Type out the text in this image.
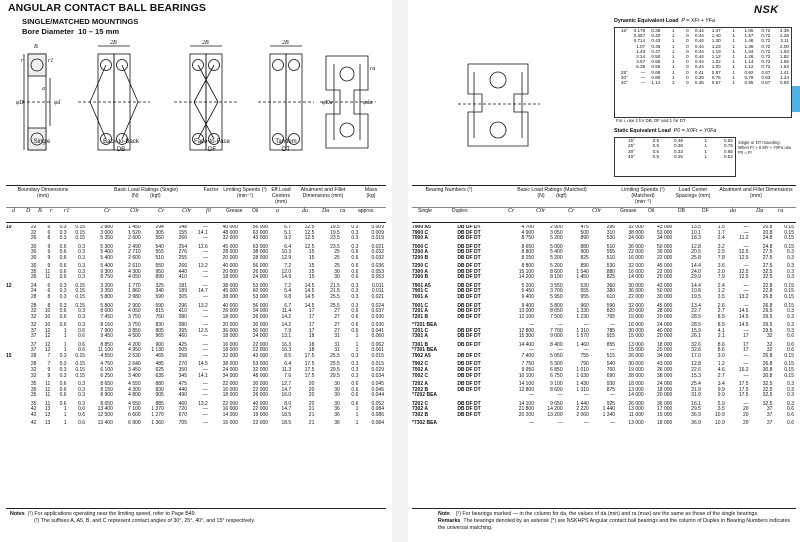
ANGULAR CONTACT BALL BEARINGS
SINGLE/MATCHED MOUNTINGS
Bore Diameter 10 – 15 mm
φD	φd
B
2B	2B	2B
φDa	φda
r	r1
ra
a
Single	Back-to-Back
DB
Face-to-Face
DF
Tandem
DT
Boundary Dimensions
(mm)
Basic Load Ratings (Single)
(N) (kgf)
Factor Limiting Speeds (¹)
(min⁻¹)
Eff.Load Centers
(mm)
Abutment and Fillet Dimensions (mm)
Mass
(kg)
d D B r r1	Cr	C0r	Cr	C0r f0	Grease Oil	a	da Da ra	approx.
10	22	6	0.3	0.15	2 880	1 450	294	148	—	40 000	56 000	6.7	12.5	19.5	0.3	0.009
	22	6	0.3	0.15	3 000	1 520	305	155	14.1	48 000	63 000	5.1	12.5	19.5	0.3	0.009
	26	8	0.3	0.15	5 350	2 600	550	266	—	32 000	43 000	9.2	12.5	23.5	0.3	0.019

	30	9	0.6	0.3	5 300	2 490	540	254	12.6	45 000	63 000	6.4	12.5	23.5	0.3	0.021
	30	9	0.6	0.3	5 400	2 710	555	276	—	28 000	38 000	10.3	15	25	0.6	0.032
	30	9	0.6	0.3	5 400	2 600	510	255	—	20 000	28 000	12.9	15	25	0.6	0.032

	30	9	0.6	0.3	5 400	2 610	550	266	13.2	40 000	56 000	7.2	15	25	0.6	0.036
	35	11	0.6	0.3	9 300	4 300	950	440	—	20 000	26 000	12.0	15	30	0.6	0.053
	35	11	0.6	0.3	8 750	4 050	890	410	—	18 000	24 000	14.9	15	30	0.6	0.053

12	24	6	0.3	0.15	3 200	1 770	325	181	—	38 000	53 000	7.2	14.5	21.5	0.3	0.011
	24	6	0.3	0.15	3 350	1 860	340	189	14.7	45 000	60 000	5.4	14.5	21.5	0.3	0.011
	28	8	0.3	0.15	5 800	2 980	590	305	—	38 000	53 000	9.8	14.5	25.5	0.3	0.021

	28	8	0.3	0.15	5 800	2 900	590	296	13.2	40 000	56 000	6.7	14.5	25.5	0.3	0.024
	32	10	0.6	0.3	8 000	4 050	815	410	—	26 000	34 000	11.4	17	27	0.6	0.037
	32	10	0.6	0.3	7 450	3 750	760	380	—	18 000	26 000	14.2	17	27	0.6	0.036

	32	10	0.6	0.3	8 150	3 750	830	380	—	20 000	30 000	14.2	17	27	0.6	0.036
	37	12	1	0.6	7 900	3 850	805	395	12.5	36 000	50 000	7.9	17	27	0.6	0.041
	37	12	1	0.6	9 450	4 500	965	460	—	18 000	24 000	13.1	18	31	1	0.060

	37	12	1	0.6	8 850	4 200	900	425	—	16 000	22 000	16.3	18	31	1	0.062
	37	12	1	0.6	11 100	4 950	1 130	505	—	18 000	22 000	16.3	18	31	1	0.061
15	28	7	0.3	0.15	4 550	2 530	465	258	—	32 000	43 000	8.5	17.5	25.5	0.3	0.015

	28	7	0.3	0.15	4 750	2 640	485	270	14.5	38 000	53 000	6.4	17.5	25.5	0.3	0.015
	32	9	0.3	0.15	6 100	3 450	625	350	—	24 000	32 000	11.3	17.5	29.5	0.3	0.029
	32	9	0.3	0.15	6 250	3 400	635	345	14.1	34 000	48 000	7.6	17.5	29.5	0.3	0.034

	35	11	0.6	0.3	8 650	4 550	880	475	—	22 000	30 000	12.7	20	30	0.6	0.045
	35	11	0.6	0.3	8 150	4 300	830	440	—	16 000	22 000	14.7	20	30	0.6	0.045
	35	11	0.6	0.3	8 900	4 800	905	490	—	18 000	26 000	16.0	20	30	0.6	0.044

	35	11	0.6	0.3	8 650	4 550	885	460	13.2	22 000	40 000	8.0	20	30	0.6	0.052
	42	13	1	0.6	13 400	7 100	1 370	720	—	16 000	22 000	14.7	21	36	1	0.084
	42	13	1	0.6	12 500	6 600	1 270	670	—	14 000	19 000	18.5	21	36	1	0.086

	42	13	1	0.6	13 400	6 900	1 360	705	—	16 000	22 000	18.5	21	36	1	0.084
Notes (¹) For applications operating near the limiting speed, refer to Page B49.
(²) The suffixes A, A5, B, and C represent contact angles of 30°, 25°, 40°, and 15° respectively.
NSK
Dynamic Equivalent Load P = XFr + YFa
15°	0.178	0.38	1	0	0.44	1.47	1	1.65	0.72	2.39
	0.357	0.40	1	0	0.44	1.40	1	1.57	0.72	2.28
	0.714	0.43	1	0	0.44	1.30	1	1.46	0.72	2.11
	1.07	0.46	1	0	0.44	1.23	1	1.38	0.72	2.00
	1.43	0.47	1	0	0.44	1.19	1	1.34	0.72	1.93
	2.14	0.50	1	0	0.44	1.12	1	1.26	0.72	1.82
	3.57	0.55	1	0	0.44	1.02	1	1.14	0.72	1.66
	5.35	0.56	1	0	0.44	1.00	1	1.12	0.72	1.63
25°	—	0.68	1	0	0.41	0.87	1	0.92	0.67	1.41
30°	—	0.80	1	0	0.39	0.76	1	0.78	0.63	1.24
40°	—	1.14	1	0	0.35	0.57	1	0.55	0.57	0.93
For i, use 2 for DB, DF and 1 for DT
Static Equivalent Load P0 = X0Fr + Y0Fa
15°	0.5	0.46	1	0.92
25°	0.5	0.38	1	0.76
30°	0.5	0.33	1	0.66
40°	0.5	0.26	1	0.52
Single or DT mounting: When Fr > 0.5Fr + Y0Fa use P0 = Fr
Bearing Numbers (²)	Basic Load Ratings (Matched)
(N) (kgf)
Limiting Speeds (¹) (Matched)
(min⁻¹)
Load Center Spacings (mm)
Abutment and Fillet Dimensions (mm)
Single	Duplex	Cr	C0r	Cr	C0r	Grease Oil	DB	DF	da	Da ra
7900 A5	DB DF DT	4 700	2 900	475	296	32 000	43 000	13.5	1.5	—	20.8	0.15
7900 C	DB DF DT	4 900	3 050	500	310	38 000	53 000	10.1	1.7	—	20.8	0.15
7000 A	DB DF DT	8 750	5 200	890	530	24 000	34 000	18.3	2.4	11.2	24.8	0.15

7000 C	DB DF DT	8 650	5 000	880	510	36 000	50 000	12.8	3.2	—	24.8	0.15
7200 A	DB DF DT	8 800	5 400	900	555	22 000	30 000	20.5	2.5	12.5	27.5	0.3
7200 B	DB DF DT	8 250	5 200	825	510	16 000	22 000	25.8	7.8	12.5	27.5	0.3

7200 C	DB DF DT	8 800	5 200	890	530	32 000	45 000	14.4	3.6	—	27.5	0.3
7300 A	DB DF DT	15 100	8 600	1 540	880	16 000	22 000	24.0	2.0	12.5	32.5	0.3
7300 B	DB DF DT	14 200	8 100	1 450	825	14 000	20 000	29.9	7.9	12.5	32.5	0.3

7901 A5	DB DF DT	5 200	3 550	530	360	30 000	43 000	14.4	2.4	—	22.8	0.15
7901 C	DB DF DT	5 450	3 700	555	380	36 000	50 000	10.8	1.2	—	22.8	0.15
7001 A	DB DF DT	9 400	5 950	955	610	22 000	30 000	19.5	3.5	13.2	26.8	0.15

7001 C	DB DF DT	9 400	5 800	960	590	32 000	45 000	13.4	2.6	—	26.8	0.15
7201 A	DB DF DT	13 000	8 050	1 330	820	20 000	28 000	22.7	2.7	14.5	29.5	0.3
7201 B	DB DF DT	12 100	7 500	1 230	765	15 000	20 000	28.5	8.5	14.5	29.5	0.3

*7201 BEA		—	—	—	—	16 000	24 000	28.5	8.5	14.5	29.5	0.3
7201 C	DB DF DT	12 800	7 700	1 310	785	30 000	40 000	15.9	4.1	—	29.5	0.3
7301 A	DB DF DT	15 300	9 000	1 570	915	15 000	20 000	26.1	2.1	17	32	0.6

7301 B	DB DF DT	14 400	8 400	1 460	855	13 000	18 000	32.6	8.6	17	32	0.6
*7301 BEA		—	—	—	—	15 000	20 000	32.6	8.6	17	32	0.6
7902 A5	DB DF DT	7 400	5 050	755	515	26 000	34 000	17.0	3.0	—	26.8	0.15

7902 C	DB DF DT	7 750	5 300	790	540	30 000	43 000	12.8	1.2	—	26.8	0.15
7002 A	DB DF DT	9 950	6 850	1 010	700	19 000	26 000	22.6	4.6	16.2	30.8	0.15
7002 C	DB DF DT	10 100	6 750	1 030	690	28 000	38 000	15.3	2.7	—	30.8	0.15

7202 A	DB DF DT	14 100	9 100	1 430	930	18 000	24 000	25.4	3.4	17.5	32.5	0.3
7202 B	DB DF DT	12 800	8 600	1 310	875	13 000	18 000	31.9	9.9	17.5	32.5	0.3
*7202 BEA		—	—	—	—	14 000	20 000	31.9	9.9	17.5	32.5	0.3

7202 C	DB DF DT	14 100	9 050	1 440	925	26 000	36 000	16.1	5.9	—	32.5	0.3
7302 A	DB DF DT	21 800	14 200	2 220	1 440	13 000	17 000	29.5	3.5	20	37	0.6
7302 B	DB DF DT	20 200	13 200	2 060	1 340	11 000	15 000	36.9	10.9	20	37	0.6

*7302 BEA		—	—	—	—	13 000	18 000	36.9	10.9	20	37	0.6
Note (¹) For bearings marked — in the column for da, the values of da (min) and ra (max) are the same as those of the single bearings.
Remarks The bearings denoted by an asterisk (*) are NSKHPS Angular contact ball bearings and the column of Duplex in Bearing Numbers indicates the universal matching.
